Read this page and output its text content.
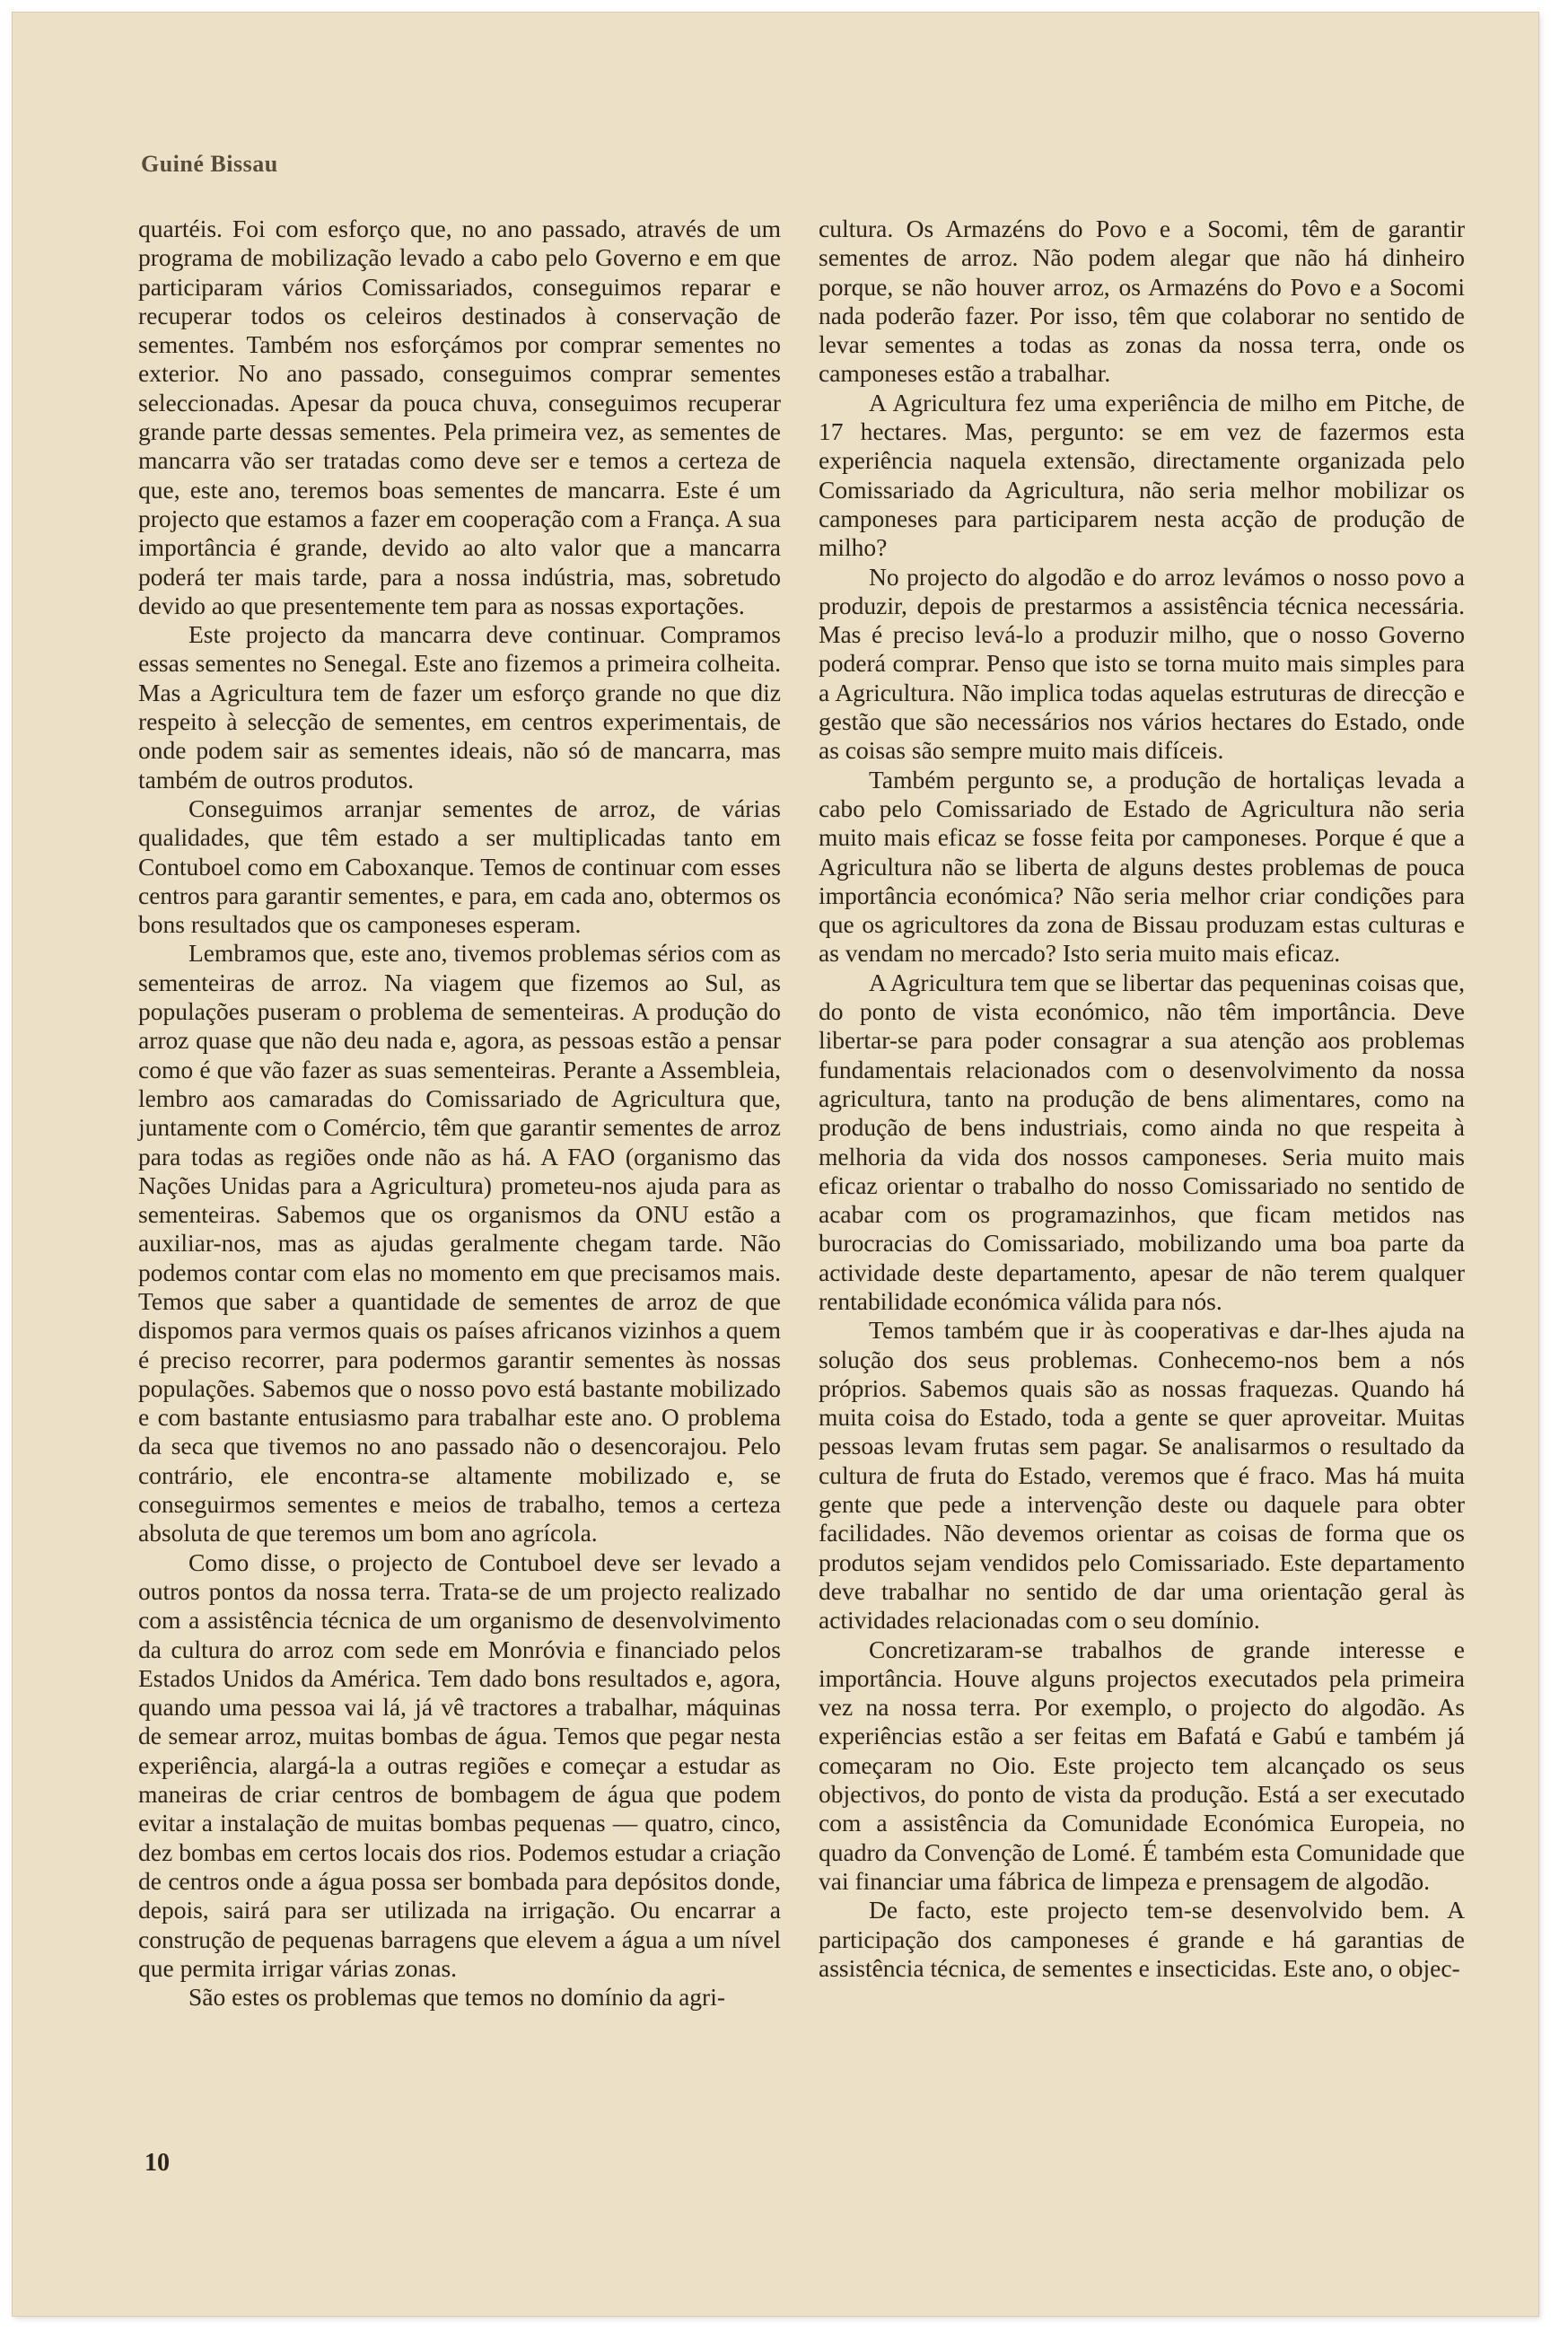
Guiné Bissau

quartéis. Foi com esforço que, no ano passado, através de um programa de mobilização levado a cabo pelo Governo e em que participaram vários Comissariados, conseguimos reparar e recuperar todos os celeiros destinados à conservação de sementes. Também nos esforçámos por comprar sementes no exterior. No ano passado, conseguimos comprar sementes seleccionadas. Apesar da pouca chuva, conseguimos recuperar grande parte dessas sementes. Pela primeira vez, as sementes de mancarra vão ser tratadas como deve ser e temos a certeza de que, este ano, teremos boas sementes de mancarra. Este é um projecto que estamos a fazer em cooperação com a França. A sua importância é grande, devido ao alto valor que a mancarra poderá ter mais tarde, para a nossa indústria, mas, sobretudo devido ao que presentemente tem para as nossas exportações.

Este projecto da mancarra deve continuar. Compramos essas sementes no Senegal. Este ano fizemos a primeira colheita. Mas a Agricultura tem de fazer um esforço grande no que diz respeito à selecção de sementes, em centros experimentais, de onde podem sair as sementes ideais, não só de mancarra, mas também de outros produtos.

Conseguimos arranjar sementes de arroz, de várias qualidades, que têm estado a ser multiplicadas tanto em Contuboel como em Caboxanque. Temos de continuar com esses centros para garantir sementes, e para, em cada ano, obtermos os bons resultados que os camponeses esperam.

Lembramos que, este ano, tivemos problemas sérios com as sementeiras de arroz. Na viagem que fizemos ao Sul, as populações puseram o problema de sementeiras. A produção do arroz quase que não deu nada e, agora, as pessoas estão a pensar como é que vão fazer as suas sementeiras. Perante a Assembleia, lembro aos camaradas do Comissariado de Agricultura que, juntamente com o Comércio, têm que garantir sementes de arroz para todas as regiões onde não as há. A FAO (organismo das Nações Unidas para a Agricultura) prometeu-nos ajuda para as sementeiras. Sabemos que os organismos da ONU estão a auxiliar-nos, mas as ajudas geralmente chegam tarde. Não podemos contar com elas no momento em que precisamos mais. Temos que saber a quantidade de sementes de arroz de que dispomos para vermos quais os países africanos vizinhos a quem é preciso recorrer, para podermos garantir sementes às nossas populações. Sabemos que o nosso povo está bastante mobilizado e com bastante entusiasmo para trabalhar este ano. O problema da seca que tivemos no ano passado não o desencorajou. Pelo contrário, ele encontra-se altamente mobilizado e, se conseguirmos sementes e meios de trabalho, temos a certeza absoluta de que teremos um bom ano agrícola.

Como disse, o projecto de Contuboel deve ser levado a outros pontos da nossa terra. Trata-se de um projecto realizado com a assistência técnica de um organismo de desenvolvimento da cultura do arroz com sede em Monróvia e financiado pelos Estados Unidos da América. Tem dado bons resultados e, agora, quando uma pessoa vai lá, já vê tractores a trabalhar, máquinas de semear arroz, muitas bombas de água. Temos que pegar nesta experiência, alargá-la a outras regiões e começar a estudar as maneiras de criar centros de bombagem de água que podem evitar a instalação de muitas bombas pequenas — quatro, cinco, dez bombas em certos locais dos rios. Podemos estudar a criação de centros onde a água possa ser bombada para depósitos donde, depois, sairá para ser utilizada na irrigação. Ou encarrar a construção de pequenas barragens que elevem a água a um nível que permita irrigar várias zonas.

São estes os problemas que temos no domínio da agri-

cultura. Os Armazéns do Povo e a Socomi, têm de garantir sementes de arroz. Não podem alegar que não há dinheiro porque, se não houver arroz, os Armazéns do Povo e a Socomi nada poderão fazer. Por isso, têm que colaborar no sentido de levar sementes a todas as zonas da nossa terra, onde os camponeses estão a trabalhar.

A Agricultura fez uma experiência de milho em Pitche, de 17 hectares. Mas, pergunto: se em vez de fazermos esta experiência naquela extensão, directamente organizada pelo Comissariado da Agricultura, não seria melhor mobilizar os camponeses para participarem nesta acção de produção de milho?

No projecto do algodão e do arroz levámos o nosso povo a produzir, depois de prestarmos a assistência técnica necessária. Mas é preciso levá-lo a produzir milho, que o nosso Governo poderá comprar. Penso que isto se torna muito mais simples para a Agricultura. Não implica todas aquelas estruturas de direcção e gestão que são necessários nos vários hectares do Estado, onde as coisas são sempre muito mais difíceis.

Também pergunto se, a produção de hortaliças levada a cabo pelo Comissariado de Estado de Agricultura não seria muito mais eficaz se fosse feita por camponeses. Porque é que a Agricultura não se liberta de alguns destes problemas de pouca importância económica? Não seria melhor criar condições para que os agricultores da zona de Bissau produzam estas culturas e as vendam no mercado? Isto seria muito mais eficaz.

A Agricultura tem que se libertar das pequeninas coisas que, do ponto de vista económico, não têm importância. Deve libertar-se para poder consagrar a sua atenção aos problemas fundamentais relacionados com o desenvolvimento da nossa agricultura, tanto na produção de bens alimentares, como na produção de bens industriais, como ainda no que respeita à melhoria da vida dos nossos camponeses. Seria muito mais eficaz orientar o trabalho do nosso Comissariado no sentido de acabar com os programazinhos, que ficam metidos nas burocracias do Comissariado, mobilizando uma boa parte da actividade deste departamento, apesar de não terem qualquer rentabilidade económica válida para nós.

Temos também que ir às cooperativas e dar-lhes ajuda na solução dos seus problemas. Conhecemo-nos bem a nós próprios. Sabemos quais são as nossas fraquezas. Quando há muita coisa do Estado, toda a gente se quer aproveitar. Muitas pessoas levam frutas sem pagar. Se analisarmos o resultado da cultura de fruta do Estado, veremos que é fraco. Mas há muita gente que pede a intervenção deste ou daquele para obter facilidades. Não devemos orientar as coisas de forma que os produtos sejam vendidos pelo Comissariado. Este departamento deve trabalhar no sentido de dar uma orientação geral às actividades relacionadas com o seu domínio.

Concretizaram-se trabalhos de grande interesse e importância. Houve alguns projectos executados pela primeira vez na nossa terra. Por exemplo, o projecto do algodão. As experiências estão a ser feitas em Bafatá e Gabú e também já começaram no Oio. Este projecto tem alcançado os seus objectivos, do ponto de vista da produção. Está a ser executado com a assistência da Comunidade Económica Europeia, no quadro da Convenção de Lomé. É também esta Comunidade que vai financiar uma fábrica de limpeza e prensagem de algodão.

De facto, este projecto tem-se desenvolvido bem. A participação dos camponeses é grande e há garantias de assistência técnica, de sementes e insecticidas. Este ano, o objec-

10
